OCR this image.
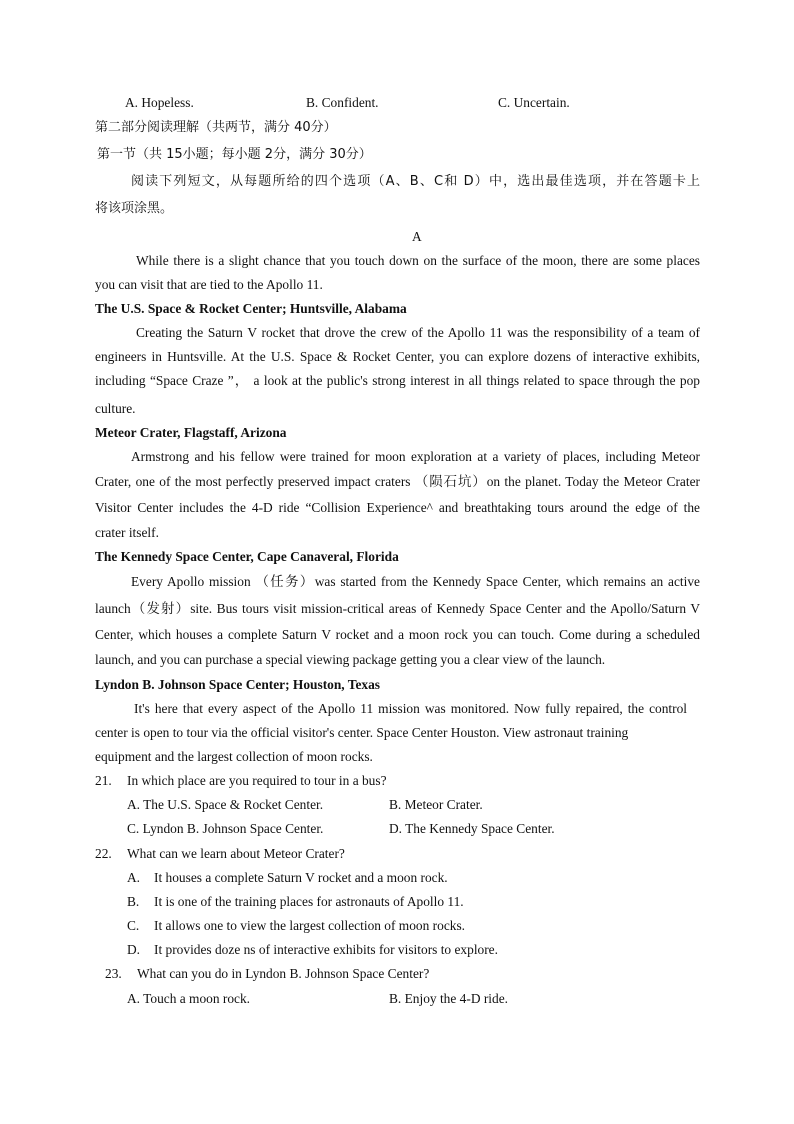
A. Hopeless.	B. Confident.	C. Uncertain.
第二部分阅读理解（共两节，满分 40分）
第一节（共 15小题；每小题 2分，满分 30分）
阅读下列短文，从每题所给的四个选项（A、B、C和 D）中，选出最佳选项，并在答题卡上
将该项涂黑。
A
While there is a slight chance that you touch down on the surface of the moon, there are some places
you can visit that are tied to the Apollo 11.
The U.S. Space & Rocket Center; Huntsville, Alabama
Creating the Saturn V rocket that drove the crew of the Apollo 11 was the responsibility of a team of
engineers in Huntsville. At the U.S. Space & Rocket Center, you can explore dozens of interactive exhibits,
including “Space Craze ”， a look at the public's strong interest in all things related to space through the pop
culture.
Meteor Crater, Flagstaff, Arizona
Armstrong and his fellow were trained for moon exploration at a variety of places, including Meteor
Crater, one of the most perfectly preserved impact craters （陨石坑）on the planet. Today the Meteor Crater
Visitor Center includes the 4-D ride “Collision Experience^ and breathtaking tours around the edge of the
crater itself.
The Kennedy Space Center, Cape Canaveral, Florida
Every Apollo mission （任务）was started from the Kennedy Space Center, which remains an active
launch（发射）site. Bus tours visit mission-critical areas of Kennedy Space Center and the Apollo/Saturn V
Center, which houses a complete Saturn V rocket and a moon rock you can touch. Come during a scheduled
launch, and you can purchase a special viewing package getting you a clear view of the launch.
Lyndon B. Johnson Space Center; Houston, Texas
It's here that every aspect of the Apollo 11 mission was monitored. Now fully repaired, the control
center is open to tour via the official visitor's center. Space Center Houston. View astronaut training
equipment and the largest collection of moon rocks.
21. In which place are you required to tour in a bus?
A. The U.S. Space & Rocket Center.	B. Meteor Crater.
C. Lyndon B. Johnson Space Center.	D. The Kennedy Space Center.
22. What can we learn about Meteor Crater?
A. It houses a complete Saturn V rocket and a moon rock.
B. It is one of the training places for astronauts of Apollo 11.
C. It allows one to view the largest collection of moon rocks.
D. It provides doze ns of interactive exhibits for visitors to explore.
23. What can you do in Lyndon B. Johnson Space Center?
A. Touch a moon rock.	B. Enjoy the 4-D ride.
